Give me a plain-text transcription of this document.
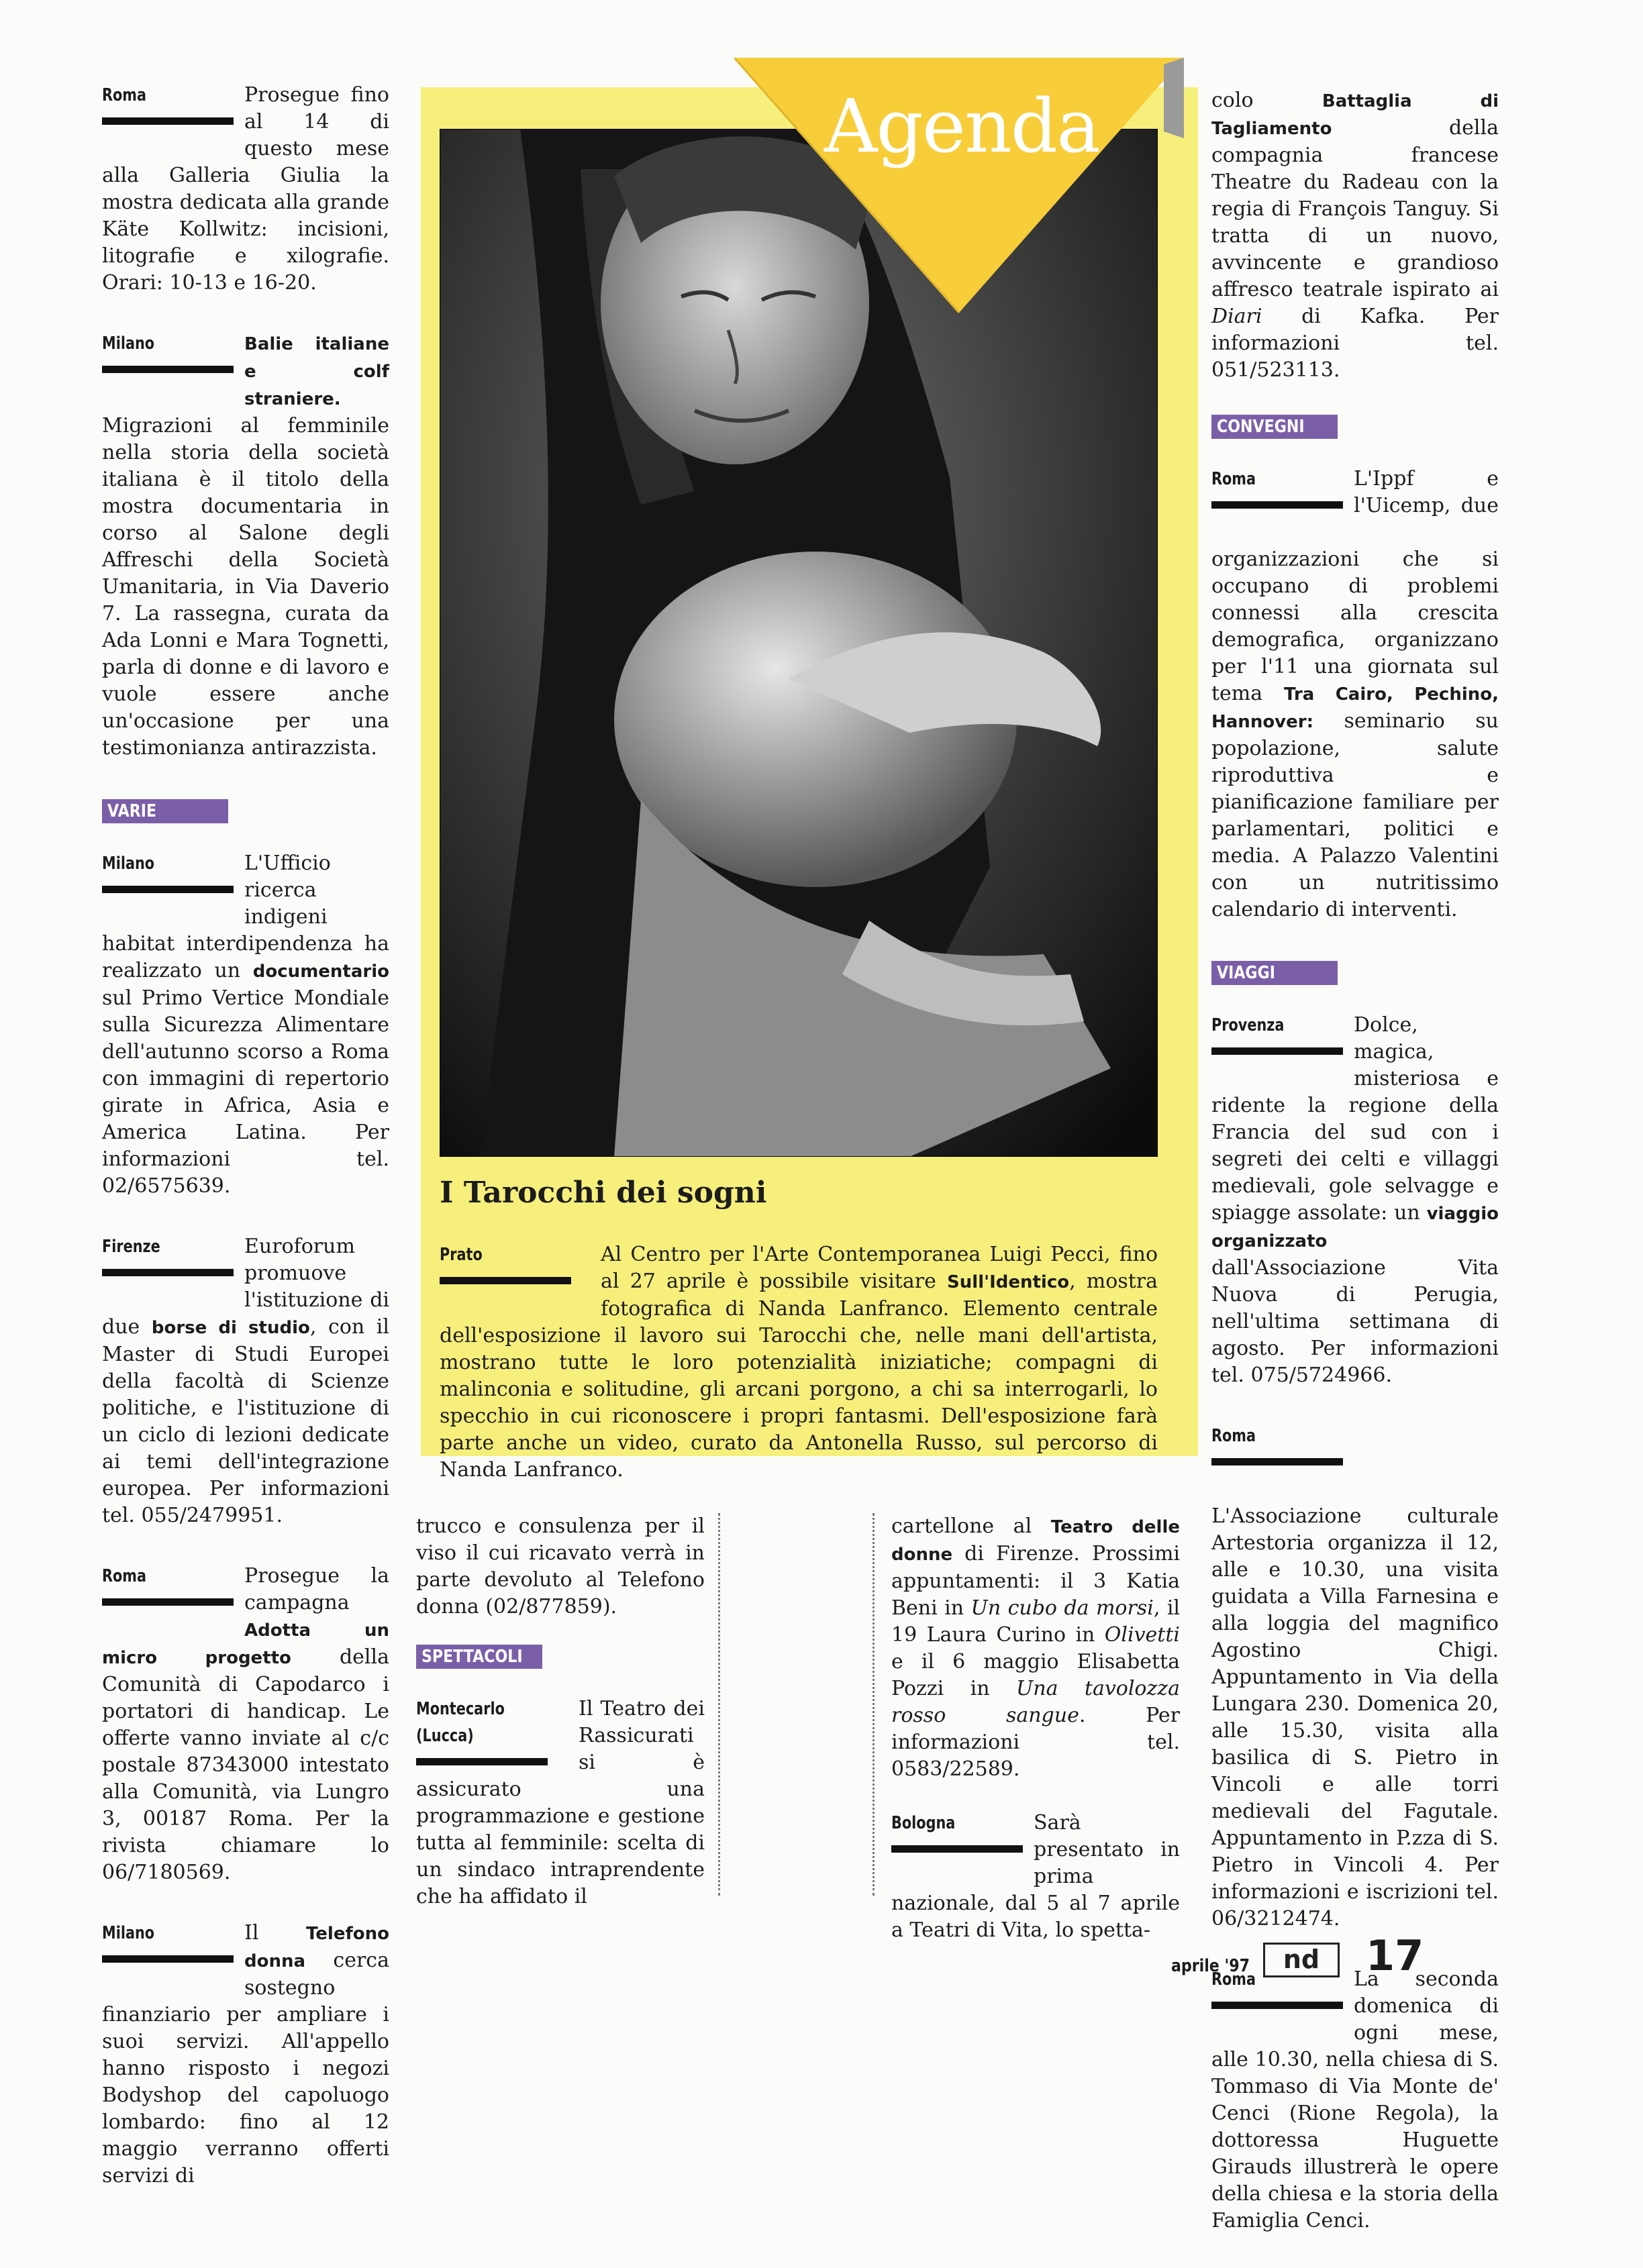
Roma	Prosegue fino al 14 di questo mese alla Galleria Giulia la mostra dedicata alla grande Käte Kollwitz: incisioni, litografie e xilografie. Orari: 10-13 e 16-20.
Milano	Balie italiane e colf straniere. Migrazioni al femminile nella storia della società italiana è il titolo della mostra documentaria in corso al Salone degli Affreschi della Società Umanitaria, in Via Daverio 7. La rassegna, curata da Ada Lonni e Mara Tognetti, parla di donne e di lavoro e vuole essere anche un'occasione per una testimonianza antirazzista.
VARIE
Milano	L'Ufficio ricerca indigeni habitat interdipendenza ha realizzato un documentario sul Primo Vertice Mondiale sulla Sicurezza Alimentare dell'autunno scorso a Roma con immagini di repertorio girate in Africa, Asia e America Latina. Per informazioni tel. 02/6575639.
Firenze	Euroforum promuove l'istituzione di due borse di studio, con il Master di Studi Europei della facoltà di Scienze politiche, e l'istituzione di un ciclo di lezioni dedicate ai temi dell'integrazione europea. Per informazioni tel. 055/2479951.
Roma	Prosegue la campagna Adotta un micro progetto della Comunità di Capodarco i portatori di handicap. Le offerte vanno inviate al c/c postale 87343000 intestato alla Comunità, via Lungro 3, 00187 Roma. Per la rivista chiamare lo 06/7180569.
Milano	Il Telefono donna cerca sostegno finanziario per ampliare i suoi servizi. All'appello hanno risposto i negozi Bodyshop del capoluogo lombardo: fino al 12 maggio verranno offerti servizi di
Agenda
I Tarocchi dei sogni
Prato	Al Centro per l'Arte Contemporanea Luigi Pecci, fino al 27 aprile è possibile visitare Sull'Identico, mostra fotografica di Nanda Lanfranco. Elemento centrale dell'esposizione il lavoro sui Tarocchi che, nelle mani dell'artista, mostrano tutte le loro potenzialità iniziatiche; compagni di malinconia e solitudine, gli arcani porgono, a chi sa interrogarli, lo specchio in cui riconoscere i propri fantasmi. Dell'esposizione farà parte anche un video, curato da Antonella Russo, sul percorso di Nanda Lanfranco.
trucco e consulenza per il viso il cui ricavato verrà in parte devoluto al Telefono donna (02/877859).
SPETTACOLI
Montecarlo
(Lucca)
Il Teatro dei Rassicurati si è assicurato una programmazione e gestione tutta al femminile: scelta di un sindaco intraprendente che ha affidato il
cartellone al Teatro delle donne di Firenze. Prossimi appuntamenti: il 3 Katia Beni in Un cubo da morsi, il 19 Laura Curino in Olivetti e il 6 maggio Elisabetta Pozzi in Una tavolozza rosso sangue. Per informazioni tel. 0583/22589.
Bologna	Sarà presentato in prima nazionale, dal 5 al 7 aprile a Teatri di Vita, lo spetta-
colo Battaglia di Tagliamento della compagnia francese Theatre du Radeau con la regia di François Tanguy. Si tratta di un nuovo, avvincente e grandioso affresco teatrale ispirato ai Diari di Kafka. Per informazioni tel. 051/523113.
CONVEGNI
Roma	L'Ippf e l'Uicemp, due organizzazioni che si occupano di problemi connessi alla crescita demografica, organizzano per l'11 una giornata sul tema Tra Cairo, Pechino, Hannover: seminario su popolazione, salute riproduttiva e pianificazione familiare per parlamentari, politici e media. A Palazzo Valentini con un nutritissimo calendario di interventi.
VIAGGI
Provenza	Dolce, magica, misteriosa e ridente la regione della Francia del sud con i segreti dei celti e villaggi medievali, gole selvagge e spiagge assolate: un viaggio organizzato dall'Associazione Vita Nuova di Perugia, nell'ultima settimana di agosto. Per informazioni tel. 075/5724966.
Roma
L'Associazione culturale Artestoria organizza il 12, alle e 10.30, una visita guidata a Villa Farnesina e alla loggia del magnifico Agostino Chigi. Appuntamento in Via della Lungara 230. Domenica 20, alle 15.30, visita alla basilica di S. Pietro in Vincoli e alle torri medievali del Fagutale. Appuntamento in P.zza di S. Pietro in Vincoli 4. Per informazioni e iscrizioni tel. 06/3212474.
Roma	La seconda domenica di ogni mese, alle 10.30, nella chiesa di S. Tommaso di Via Monte de' Cenci (Rione Regola), la dottoressa Huguette Girauds illustrerà le opere della chiesa e la storia della Famiglia Cenci.
aprile '97	nd	17
